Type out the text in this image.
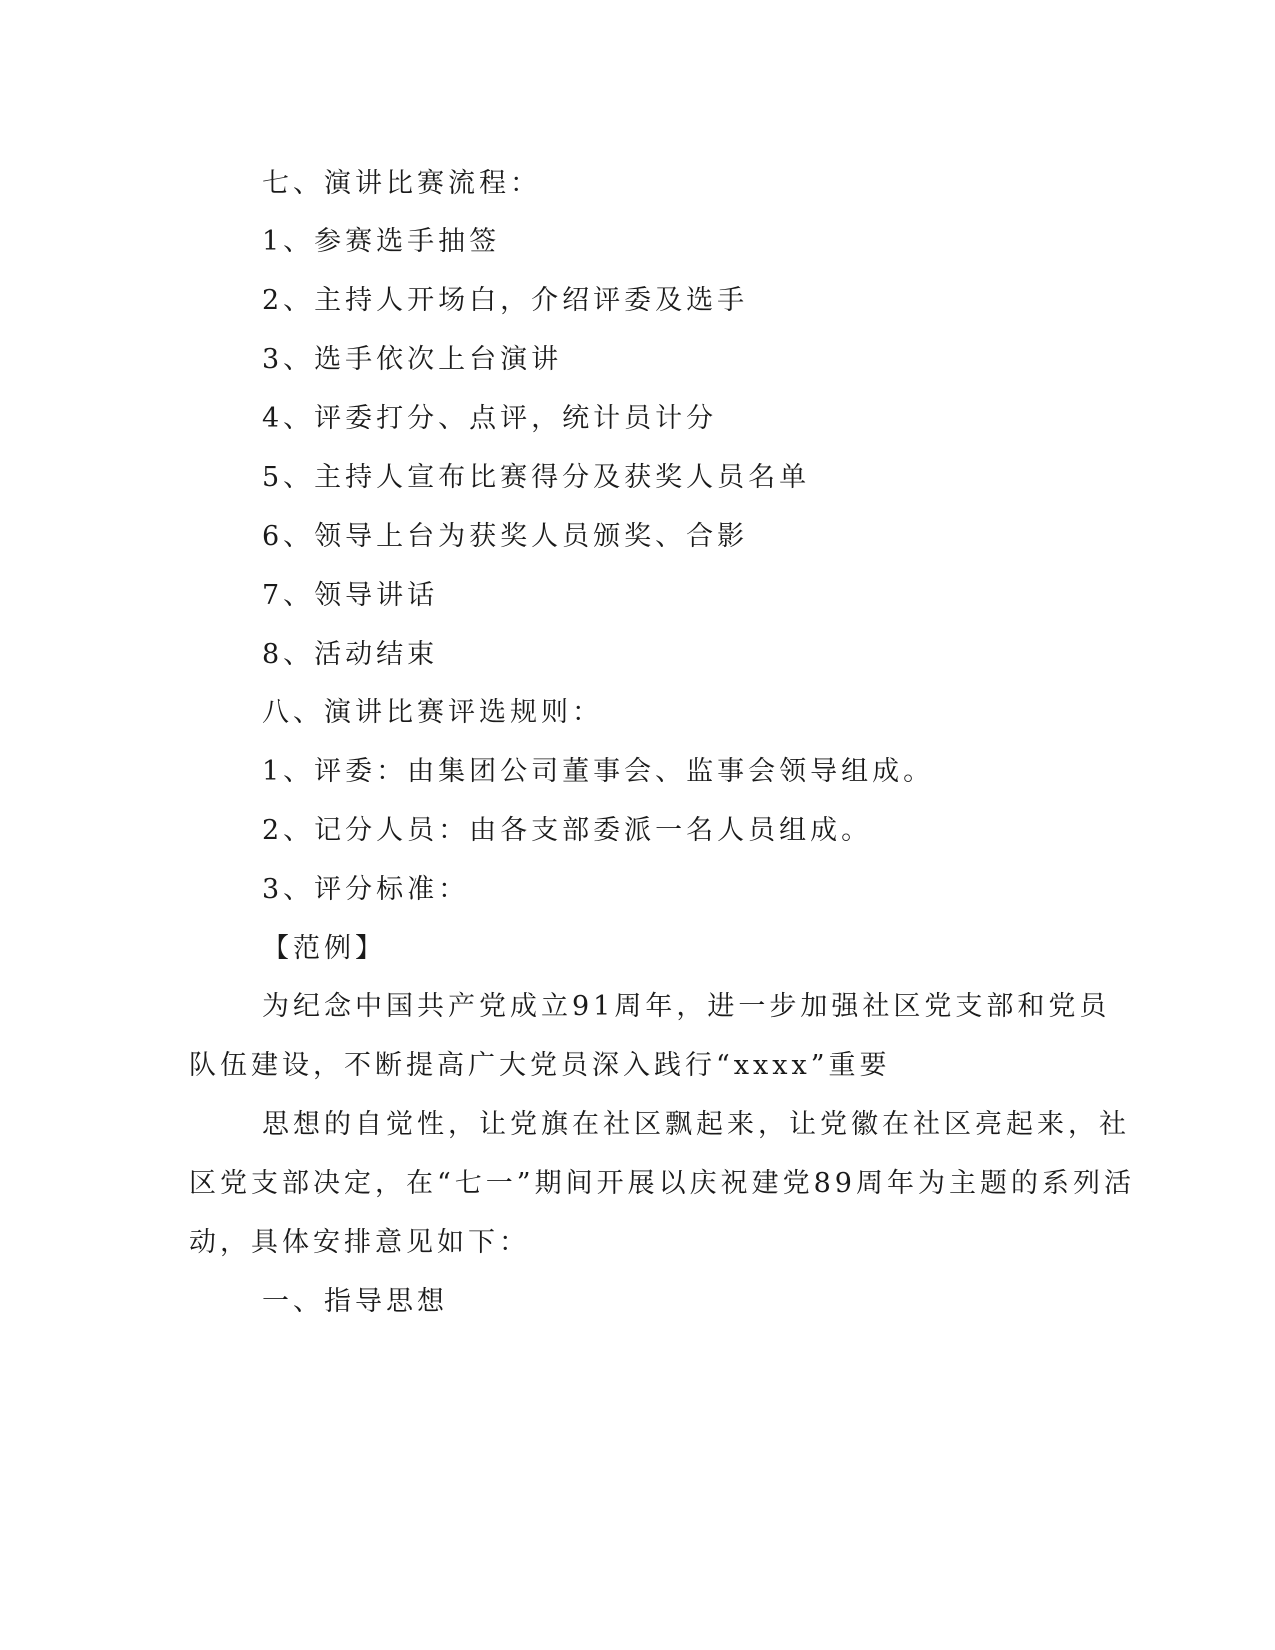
七、演讲比赛流程：
1、参赛选手抽签
2、主持人开场白，介绍评委及选手
3、选手依次上台演讲
4、评委打分、点评，统计员计分
5、主持人宣布比赛得分及获奖人员名单
6、领导上台为获奖人员颁奖、合影
7、领导讲话
8、活动结束
八、演讲比赛评选规则：
1、评委：由集团公司董事会、监事会领导组成。
2、记分人员：由各支部委派一名人员组成。
3、评分标准：
【范例】
为纪念中国共产党成立91周年，进一步加强社区党支部和党员
队伍建设，不断提高广大党员深入践行“xxxx”重要
思想的自觉性，让党旗在社区飘起来，让党徽在社区亮起来，社
区党支部决定，在“七一”期间开展以庆祝建党89周年为主题的系列活
动，具体安排意见如下：
一、指导思想
